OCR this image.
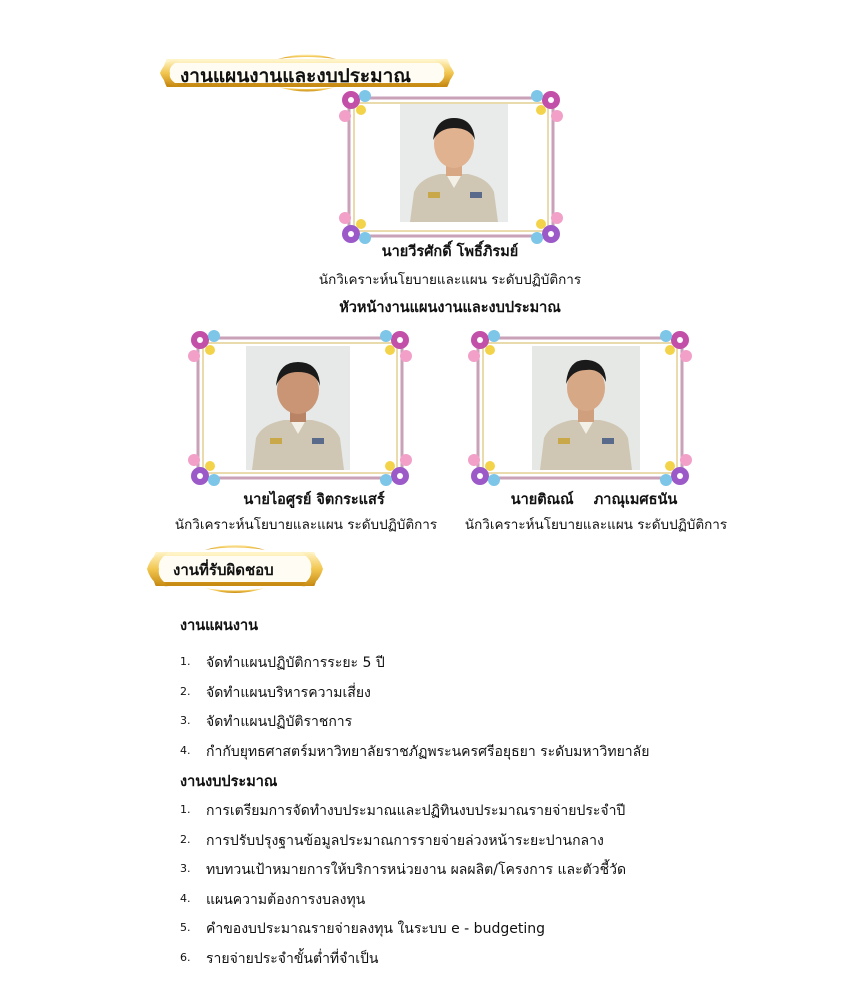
งานแผนงานและงบประมาณ
นายวีรศักดิ์ โพธิ์ภิรมย์
นักวิเคราะห์นโยบายและแผน ระดับปฏิบัติการ
หัวหน้างานแผนงานและงบประมาณ
นายไอศูรย์ จิตกระแสร์
นักวิเคราะห์นโยบายและแผน ระดับปฏิบัติการ
นายติณณ์    ภาณุเมศธนัน
นักวิเคราะห์นโยบายและแผน ระดับปฏิบัติการ
งานที่รับผิดชอบ
งานแผนงาน
1. จัดทำแผนปฏิบัติการระยะ 5 ปี
2. จัดทำแผนบริหารความเสี่ยง
3. จัดทำแผนปฏิบัติราชการ
4. กำกับยุทธศาสตร์มหาวิทยาลัยราชภัฏพระนครศรีอยุธยา ระดับมหาวิทยาลัย
งานงบประมาณ
1. การเตรียมการจัดทำงบประมาณและปฏิทินงบประมาณรายจ่ายประจำปี
2. การปรับปรุงฐานข้อมูลประมาณการรายจ่ายล่วงหน้าระยะปานกลาง
3. ทบทวนเป้าหมายการให้บริการหน่วยงาน ผลผลิต/โครงการ และตัวชี้วัด
4. แผนความต้องการงบลงทุน
5. คำของบประมาณรายจ่ายลงทุน ในระบบ e - budgeting
6. รายจ่ายประจำขั้นต่ำที่จำเป็น
